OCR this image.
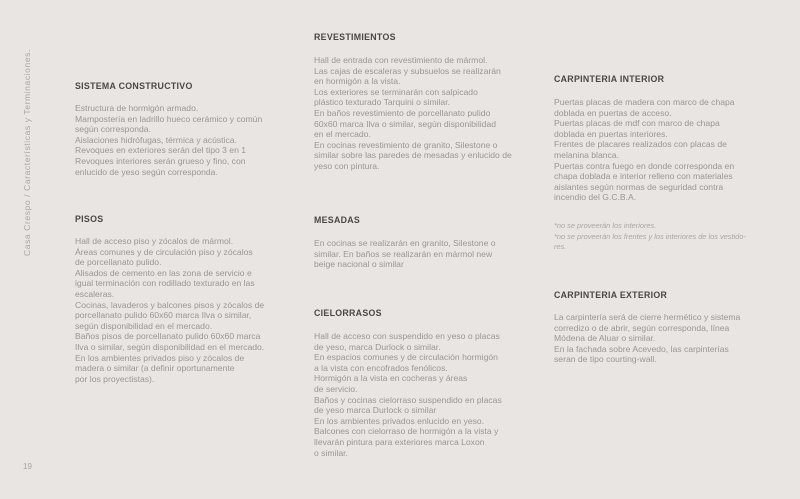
Casa Crespo / Características y Terminaciones.
19
SISTEMA CONSTRUCTIVO
Estructura de hormigón armado.
Mampostería en ladrillo hueco cerámico y común
según corresponda.
Aislaciones hidrófugas, térmica y acústica.
Revoques en exteriores serán del tipo 3 en 1
Revoques interiores serán grueso y fino, con
enlucido de yeso según corresponda.
PISOS
Hall de acceso piso y zócalos de mármol.
Áreas comunes y de circulación piso y zócalos
de porcellanato pulido.
Alisados de cemento en las zona de servicio e
igual terminación con rodillado texturado en las
escaleras.
Cocinas, lavaderos y balcones pisos y zócalos de
porcellanato pulido 60x60 marca Ilva o similar,
según disponibilidad en el mercado.
Baños pisos de porcellanato pulido 60x60 marca
Ilva o similar, según disponibilidad en el mercado.
En los ambientes privados piso y zócalos de
madera o similar (a definir oportunamente
por los proyectistas).
REVESTIMIENTOS
Hall de entrada con revestimiento de mármol.
Las cajas de escaleras y subsuelos se realizarán
en hormigón a la vista.
Los exteriores se terminarán con salpicado
plástico texturado Tarquini o similar.
En baños revestimiento de porcellanato pulido
60x60 marca Ilva o similar, según disponibilidad
en el mercado.
En cocinas revestimiento de granito, Silestone o
similar sobre las paredes de mesadas y enlucido de
yeso con pintura.
MESADAS
En cocinas se realizarán en granito, Silestone o
similar. En baños se realizarán en mármol new
beige nacional o similar
CIELORRASOS
Hall de acceso con suspendido en yeso o placas
de yeso, marca Durlock o similar.
En espacios comunes y de circulación hormigón
a la vista con encofrados fenólicos.
Hormigón a la vista en cocheras y áreas
de servicio.
Baños y cocinas cielorraso suspendido en placas
de yeso marca Durlock o similar
En los ambientes privados enlucido en yeso.
Balcones con cielorraso de hormigón a la vista y
llevarán pintura para exteriores marca Loxon
o similar.
CARPINTERIA INTERIOR
Puertas placas de madera con marco de chapa
doblada en puertas de acceso.
Puertas placas de mdf con marco de chapa
doblada en puertas interiores.
Frentes de placares realizados con placas de
melanina blanca.
Puertas contra fuego en donde corresponda en
chapa doblada e interior relleno con materiales
aislantes según normas de seguridad contra
incendio del G.C.B.A.
*no se proveerán los interiores.
*no se proveerán los frentes y los interiores de los vestido-
res.
CARPINTERIA EXTERIOR
La carpintería será de cierre hermético y sistema
corredizo o de abrir, según corresponda, línea
Módena de Aluar o similar.
En la fachada sobre Acevedo, las carpinterías
seran de tipo courting-wall.
